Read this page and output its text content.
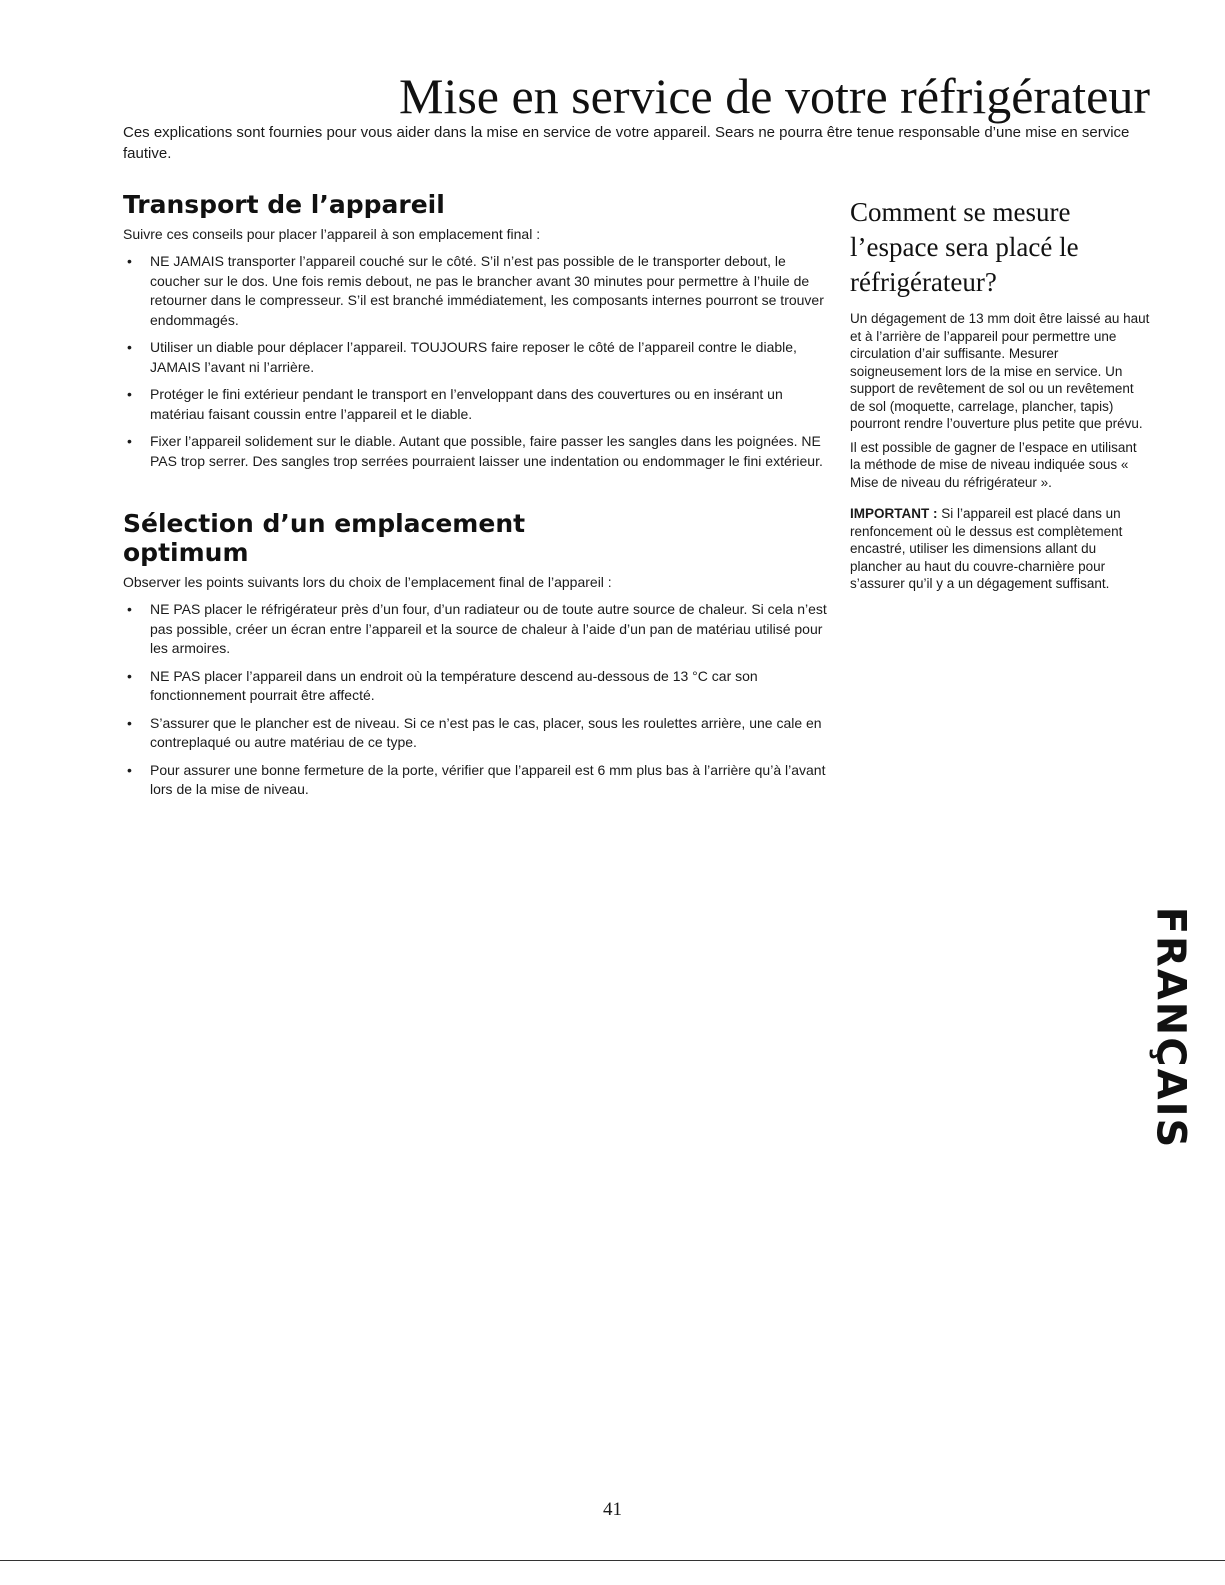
Mise en service de votre réfrigérateur

Ces explications sont fournies pour vous aider dans la mise en service de votre appareil. Sears ne pourra être tenue responsable d’une mise en service fautive.

Transport de l’appareil

Suivre ces conseils pour placer l’appareil à son emplacement final :

• NE JAMAIS transporter l’appareil couché sur le côté. S’il n’est pas possible de le transporter debout, le coucher sur le dos. Une fois remis debout, ne pas le brancher avant 30 minutes pour permettre à l’huile de retourner dans le compresseur. S’il est branché immédiatement, les composants internes pourront se trouver endommagés.
• Utiliser un diable pour déplacer l’appareil. TOUJOURS faire reposer le côté de l’appareil contre le diable, JAMAIS l’avant ni l’arrière.
• Protéger le fini extérieur pendant le transport en l’enveloppant dans des couvertures ou en insérant un matériau faisant coussin entre l’appareil et le diable.
• Fixer l’appareil solidement sur le diable. Autant que possible, faire passer les sangles dans les poignées. NE PAS trop serrer. Des sangles trop serrées pourraient laisser une indentation ou endommager le fini extérieur.
Sélection d’un emplacement
optimum

Observer les points suivants lors du choix de l’emplacement final de l’appareil :

• NE PAS placer le réfrigérateur près d’un four, d’un radiateur ou de toute autre source de chaleur. Si cela n’est pas possible, créer un écran entre l’appareil et la source de chaleur à l’aide d’un pan de matériau utilisé pour les armoires.
• NE PAS placer l’appareil dans un endroit où la température descend au-dessous de 13 °C car son fonctionnement pourrait être affecté.
• S’assurer que le plancher est de niveau. Si ce n’est pas le cas, placer, sous les roulettes arrière, une cale en contreplaqué ou autre matériau de ce type.
• Pour assurer une bonne fermeture de la porte, vérifier que l’appareil est 6 mm plus bas à l’arrière qu’à l’avant lors de la mise de niveau.
Comment se mesure
l’espace sera placé le
réfrigérateur?

Un dégagement de 13 mm doit être laissé au haut et à l’arrière de l’appareil pour permettre une circulation d’air suffisante. Mesurer soigneusement lors de la mise en service. Un support de revêtement de sol ou un revêtement de sol (moquette, carrelage, plancher, tapis) pourront rendre l’ouverture plus petite que prévu.

Il est possible de gagner de l’espace en utilisant la méthode de mise de niveau indiquée sous « Mise de niveau du réfrigérateur ».

IMPORTANT : Si l’appareil est placé dans un renfoncement où le dessus est complètement encastré, utiliser les dimensions allant du plancher au haut du couvre-charnière pour s’assurer qu’il y a un dégagement suffisant.

FRANÇAIS

41
